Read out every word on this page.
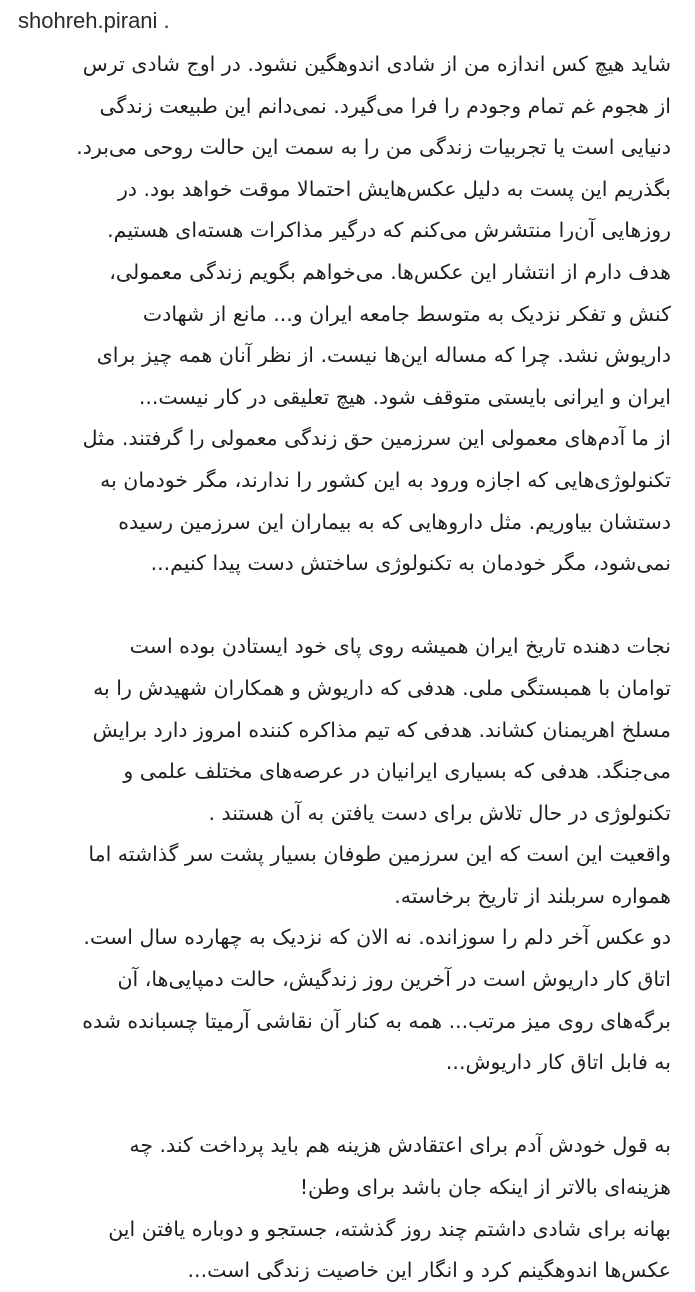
shohreh.pirani .
شاید هیچ کس اندازه من از شادی اندوهگین نشود. در اوج شادی ترس
از هجوم غم تمام وجودم را فرا می‌گیرد. نمی‌دانم این طبیعت زندگی
دنیایی است یا تجربیات زندگی من را به سمت این حالت روحی می‌برد.
بگذریم این پست به دلیل عکس‌هایش احتمالا موقت خواهد بود. در
روزهایی آن‌را منتشرش می‌کنم که درگیر مذاکرات هسته‌ای هستیم.
هدف دارم از انتشار این عکس‌ها. می‌خواهم بگویم زندگی معمولی،
کنش و تفکر نزدیک به متوسط جامعه ایران و... مانع از شهادت
داریوش نشد. چرا که مساله این‌ها نیست. از نظر آنان همه چیز برای
ایران و ایرانی بایستی متوقف شود. هیچ تعلیقی در کار نیست...
از ما آدم‌های معمولی این سرزمین حق زندگی معمولی را گرفتند. مثل
تکنولوژی‌هایی که اجازه ورود به این کشور را ندارند، مگر خودمان به
دستشان بیاوریم. مثل داروهایی که به بیماران این سرزمین رسیده
نمی‌شود، مگر خودمان به تکنولوژی ساختش دست پیدا کنیم...
نجات دهنده تاریخ ایران همیشه روی پای خود ایستادن بوده است
توامان با همبستگی ملی. هدفی که داریوش و همکاران شهیدش را به
مسلخ اهریمنان کشاند. هدفی که تیم مذاکره کننده امروز دارد برایش
می‌جنگد. هدفی که بسیاری ایرانیان در عرصه‌های مختلف علمی و
تکنولوژی در حال تلاش برای دست یافتن به آن هستند .
واقعیت این است که این سرزمین طوفان بسیار پشت سر گذاشته اما
همواره سربلند از تاریخ برخاسته.
دو عکس آخر دلم را سوزانده. نه الان که نزدیک به چهارده سال است.
اتاق کار داریوش است در آخرین روز زندگیش، حالت دمپایی‌ها، آن
برگه‌های روی میز مرتب... همه به کنار آن نقاشی آرمیتا چسبانده شده
به فابل اتاق کار داریوش...
به قول خودش آدم برای اعتقادش هزینه هم باید پرداخت کند. چه
هزینه‌ای بالاتر از اینکه جان باشد برای وطن!
بهانه برای شادی داشتم چند روز گذشته، جستجو و دوباره یافتن این
عکس‌ها اندوهگینم کرد و انگار این خاصیت زندگی است...
